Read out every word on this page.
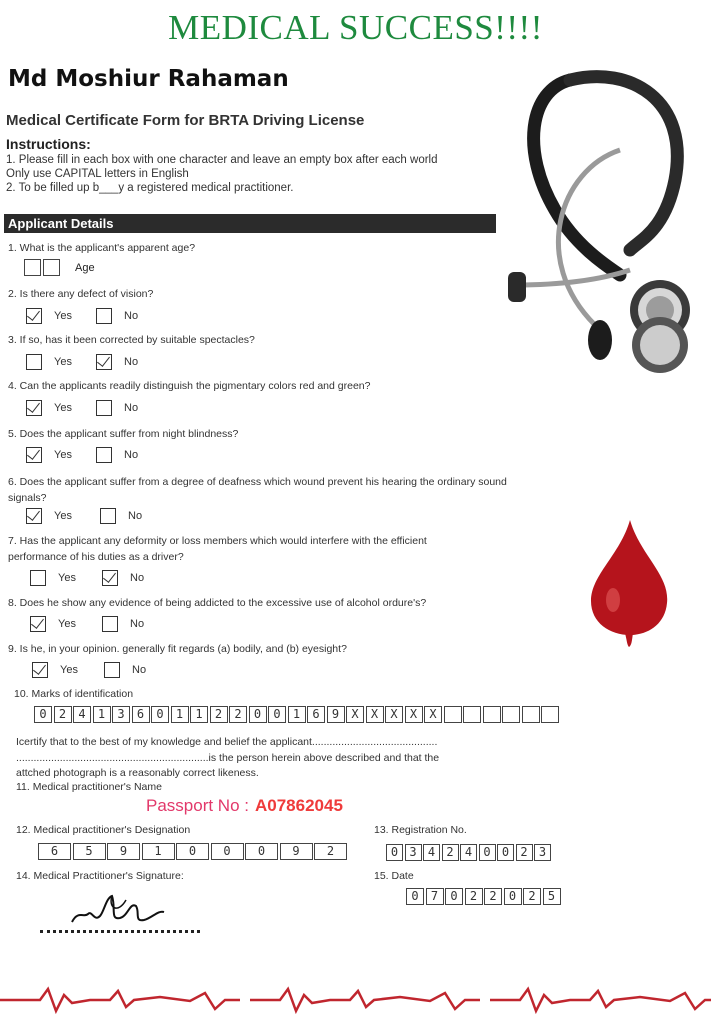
MEDICAL SUCCESS!!!!
Md Moshiur Rahaman
Medical Certificate Form for BRTA Driving License
Instructions:
1. Please fill in each box with one character and leave an empty box after each world
Only use CAPITAL letters in English
2. To be filled up b___y a registered medical practitioner.
Applicant Details
1. What is the applicant's apparent age?
Age
2. Is there any defect of vision?
Yes	No
3. If so, has it been corrected by suitable spectacles?
Yes	No
4. Can the applicants readily distinguish the pigmentary colors red and green?
Yes	No
5. Does the applicant suffer from night blindness?
Yes	No
6. Does the applicant suffer from a degree of deafness which wound prevent his hearing the ordinary sound
signals?
Yes	No
7. Has the applicant any deformity or loss members which would interfere with the efficient
performance of his duties as a driver?
Yes	No
8. Does he show any evidence of being addicted to the excessive use of alcohol ordure's?
Yes	No
9. Is he, in your opinion. generally fit regards (a) bodily, and (b) eyesight?
Yes	No
10. Marks of identification
0	2	4	1	3	6	0	1	1	2	2	0	0	1	6	9	X	X	X	X	X
Icertify that to the best of my knowledge and belief the applicant...........................................
..................................................................is the person herein above described and that the
attched photograph is a reasonably correct likeness.
11. Medical practitioner's Name
Passport No : A07862045
12. Medical practitioner's Designation
6	5	9	1	0	0	0	9	2
13. Registration No.
0 3 4 2 4 0 0 2 3
14. Medical Practitioner's Signature:	15. Date
0	7	0	2	2	0	2	5
